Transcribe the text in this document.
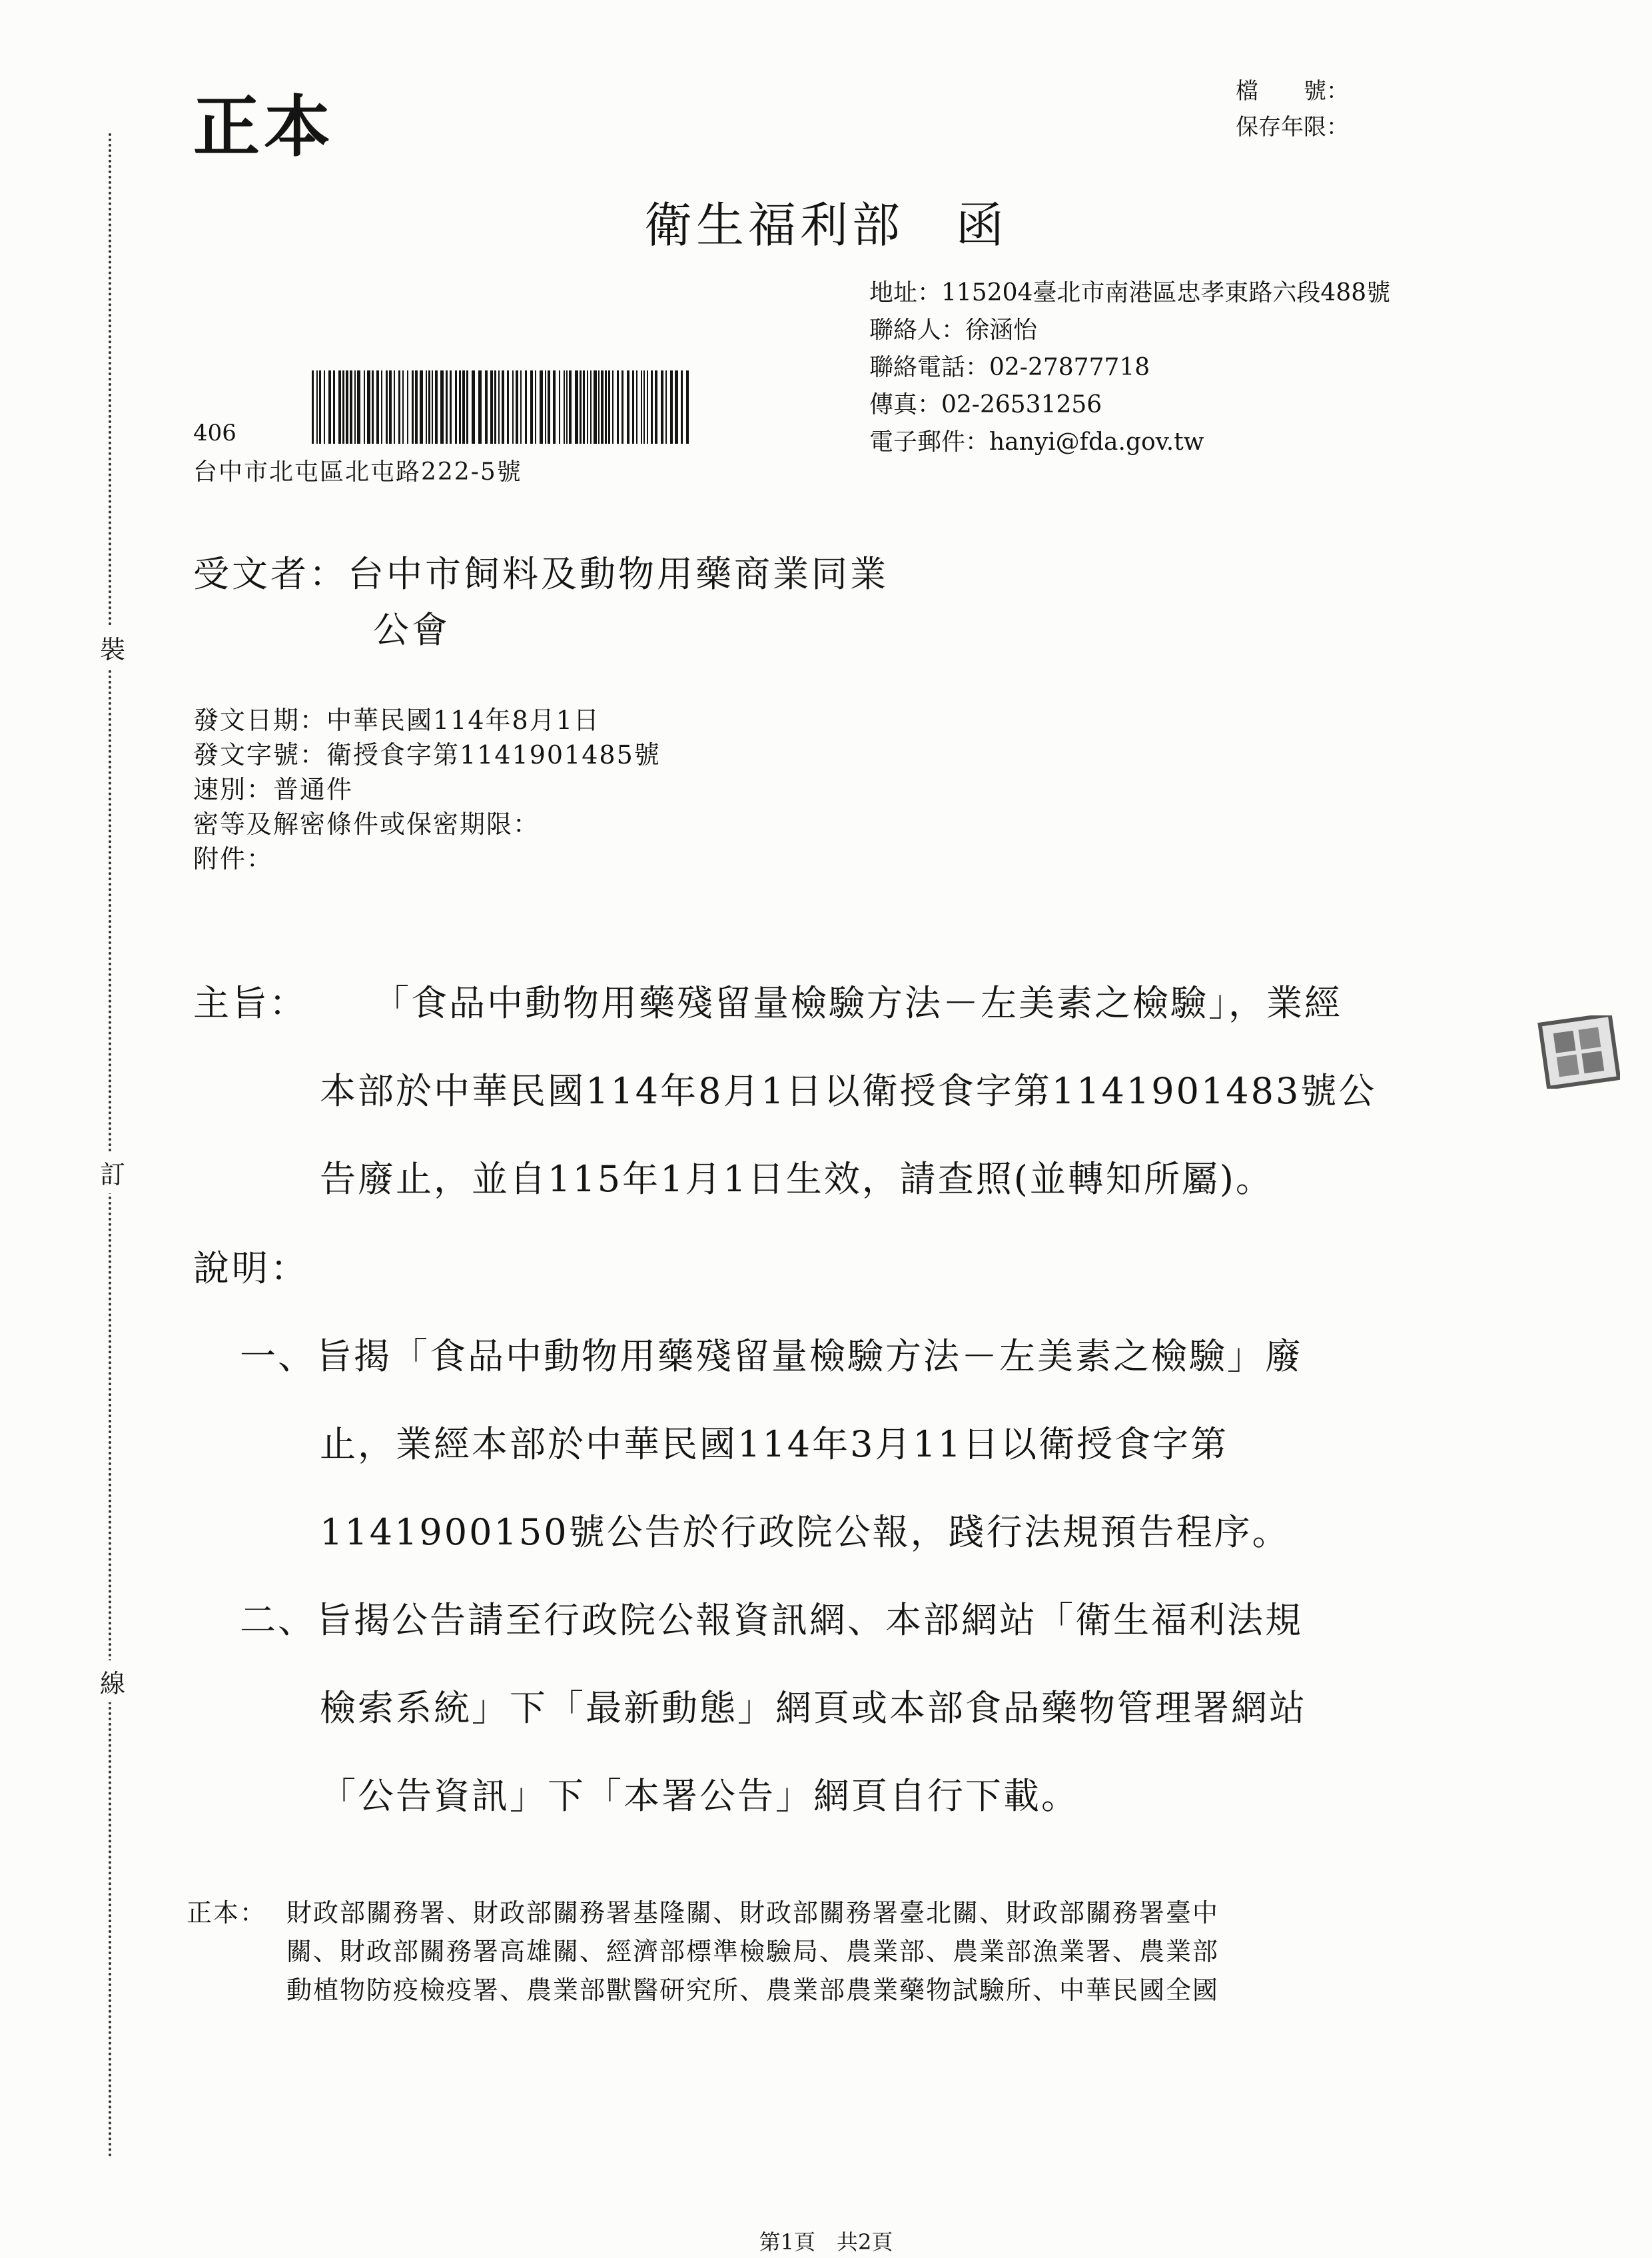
裝
訂
線
正本	檔　　號：
保存年限：
衛生福利部　函
地址：115204臺北市南港區忠孝東路六段488號
聯絡人：徐涵怡
聯絡電話：02-27877718
傳真：02-26531256
電子郵件：hanyi@fda.gov.tw
406
台中市北屯區北屯路222-5號
受文者：台中市飼料及動物用藥商業同業
公會
發文日期：中華民國114年8月1日
發文字號：衛授食字第1141901485號
速別：普通件
密等及解密條件或保密期限：
附件：
主旨： 「食品中動物用藥殘留量檢驗方法－左美素之檢驗」，業經
本部於中華民國114年8月1日以衛授食字第1141901483號公
告廢止，並自115年1月1日生效，請查照(並轉知所屬)。
說明：
一、旨揭「食品中動物用藥殘留量檢驗方法－左美素之檢驗」廢
止，業經本部於中華民國114年3月11日以衛授食字第
1141900150號公告於行政院公報，踐行法規預告程序。
二、旨揭公告請至行政院公報資訊網、本部網站「衛生福利法規
檢索系統」下「最新動態」網頁或本部食品藥物管理署網站
「公告資訊」下「本署公告」網頁自行下載。
正本： 財政部關務署、財政部關務署基隆關、財政部關務署臺北關、財政部關務署臺中
關、財政部關務署高雄關、經濟部標準檢驗局、農業部、農業部漁業署、農業部
動植物防疫檢疫署、農業部獸醫研究所、農業部農業藥物試驗所、中華民國全國
第1頁　共2頁
